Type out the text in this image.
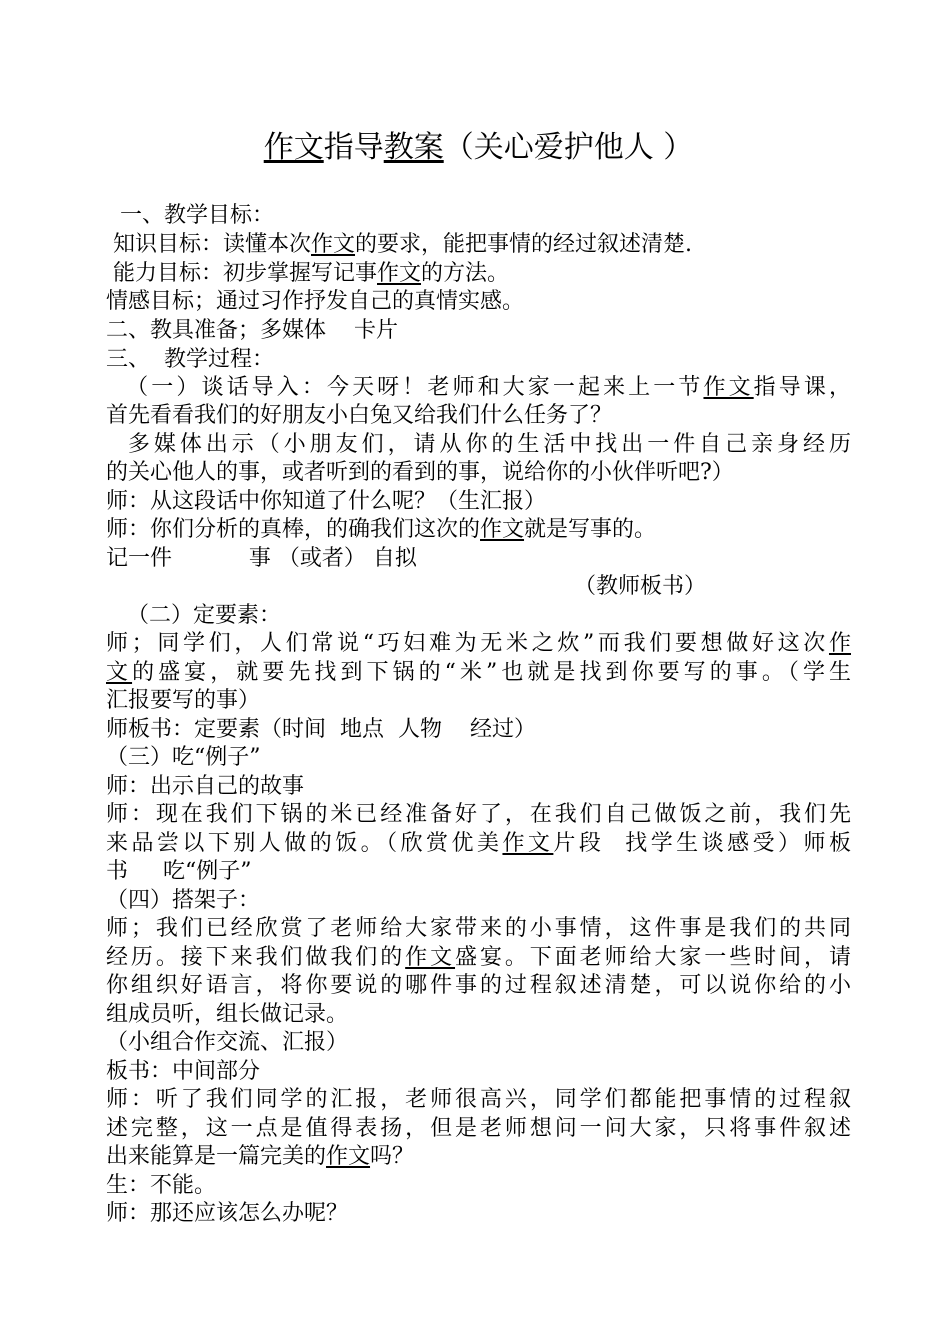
作文指导教案（关心爱护他人 ）
一、教学目标：
知识目标：读懂本次作文的要求，能把事情的经过叙述清楚.
能力目标：初步掌握写记事作文的方法。
情感目标；通过习作抒发自己的真情实感。
二、教具准备；多媒体    卡片
三、  教学过程：
（一）谈话导入：今天呀！老师和大家一起来上一节作文指导课，
首先看看我们的好朋友小白兔又给我们什么任务了？
多媒体出示（小朋友们，请从你的生活中找出一件自己亲身经历
的关心他人的事，或者听到的看到的事，说给你的小伙伴听吧?）
师：从这段话中你知道了什么呢？（生汇报）
师：你们分析的真棒，的确我们这次的作文就是写事的。
记一件           事 （或者） 自拟
（教师板书）
（二）定要素：
师；同学们，人们常说“巧妇难为无米之炊”而我们要想做好这次作
文的盛宴，就要先找到下锅的“米”也就是找到你要写的事。（学生
汇报要写的事）
师板书：定要素（时间  地点  人物    经过）
（三）吃“例子”
师：出示自己的故事
师：现在我们下锅的米已经准备好了，在我们自己做饭之前，我们先
来品尝以下别人做的饭。（欣赏优美作文片段  找学生谈感受）师板
书     吃“例子”
（四）搭架子：
师；我们已经欣赏了老师给大家带来的小事情，这件事是我们的共同
经历。接下来我们做我们的作文盛宴。下面老师给大家一些时间，请
你组织好语言，将你要说的哪件事的过程叙述清楚，可以说你给的小
组成员听，组长做记录。
（小组合作交流、汇报）
板书：中间部分
师：听了我们同学的汇报，老师很高兴，同学们都能把事情的过程叙
述完整，这一点是值得表扬，但是老师想问一问大家，只将事件叙述
出来能算是一篇完美的作文吗？
生：不能。
师：那还应该怎么办呢？
